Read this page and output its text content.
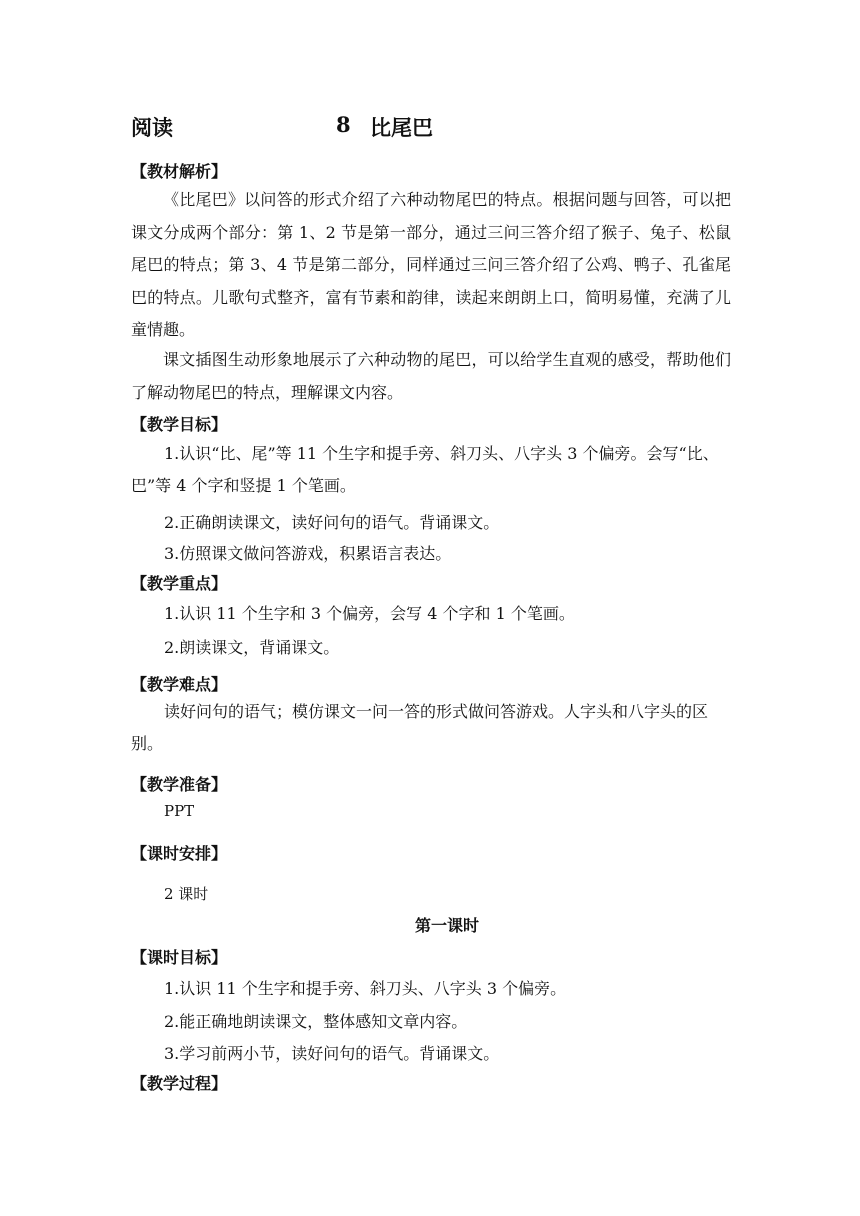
阅读	8 比尾巴
【教材解析】
《比尾巴》以问答的形式介绍了六种动物尾巴的特点。根据问题与回答，可以把课文分成两个部分：第 1、2 节是第一部分，通过三问三答介绍了猴子、兔子、松鼠尾巴的特点；第 3、4 节是第二部分，同样通过三问三答介绍了公鸡、鸭子、孔雀尾巴的特点。儿歌句式整齐，富有节素和韵律，读起来朗朗上口，简明易懂，充满了儿童情趣。
课文插图生动形象地展示了六种动物的尾巴，可以给学生直观的感受，帮助他们了解动物尾巴的特点，理解课文内容。
【教学目标】
1.认识“比、尾”等 11 个生字和提手旁、斜刀头、八字头 3 个偏旁。会写“比、巴”等 4 个字和竖提 1 个笔画。
2.正确朗读课文，读好问句的语气。背诵课文。
3.仿照课文做问答游戏，积累语言表达。
【教学重点】
1.认识 11 个生字和 3 个偏旁，会写 4 个字和 1 个笔画。
2.朗读课文，背诵课文。
【教学难点】
读好问句的语气；模仿课文一问一答的形式做问答游戏。人字头和八字头的区别。
【教学准备】
PPT
【课时安排】
2 课时
第一课时
【课时目标】
1.认识 11 个生字和提手旁、斜刀头、八字头 3 个偏旁。
2.能正确地朗读课文，整体感知文章内容。
3.学习前两小节，读好问句的语气。背诵课文。
【教学过程】
